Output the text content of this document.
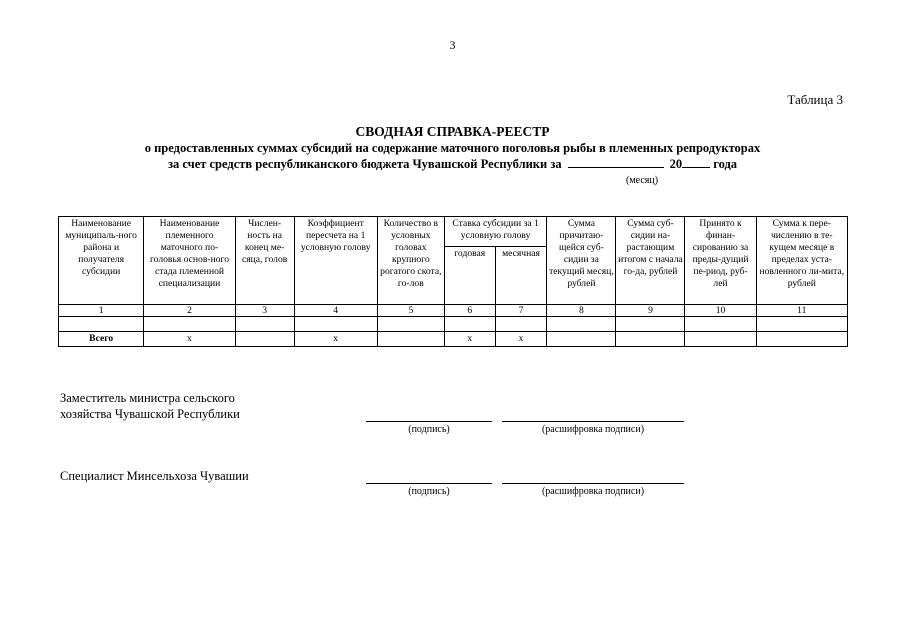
3
Таблица 3
СВОДНАЯ СПРАВКА-РЕЕСТР
о предоставленных суммах субсидий на содержание маточного поголовья рыбы в племенных репродукторах
за счет средств республиканского бюджета Чувашской Республики за	20 года
(месяц)
Наименование муниципаль-ного района и получателя субсидии	Наименование племенного маточного по-головья основ-ного стада племенной специализации	Числен-ность на конец ме-сяца, голов	Коэффициент пересчета на 1 условную голову	Количество в условных головах крупного рогатого скота, го-лов	Ставка субсидии за 1 условную голову		Сумма причитаю-щейся суб-сидии за текущий месяц, рублей	Сумма суб-сидии на-растающим итогом с начала го-да, рублей	Принято к финан-сированию за преды-дущий пе-риод, руб-лей	Сумма к пере-числению в те-кущем месяце в пределах уста-новленного ли-мита, рублей
					годовая	месячная				
1	2	3	4	5	6	7	8	9	10	11

Всего	х		х		х	х				
Заместитель министра сельского
хозяйства Чувашской Республики
(подпись)	(расшифровка подписи)
Специалист Минсельхоза Чувашии
(подпись)	(расшифровка подписи)
